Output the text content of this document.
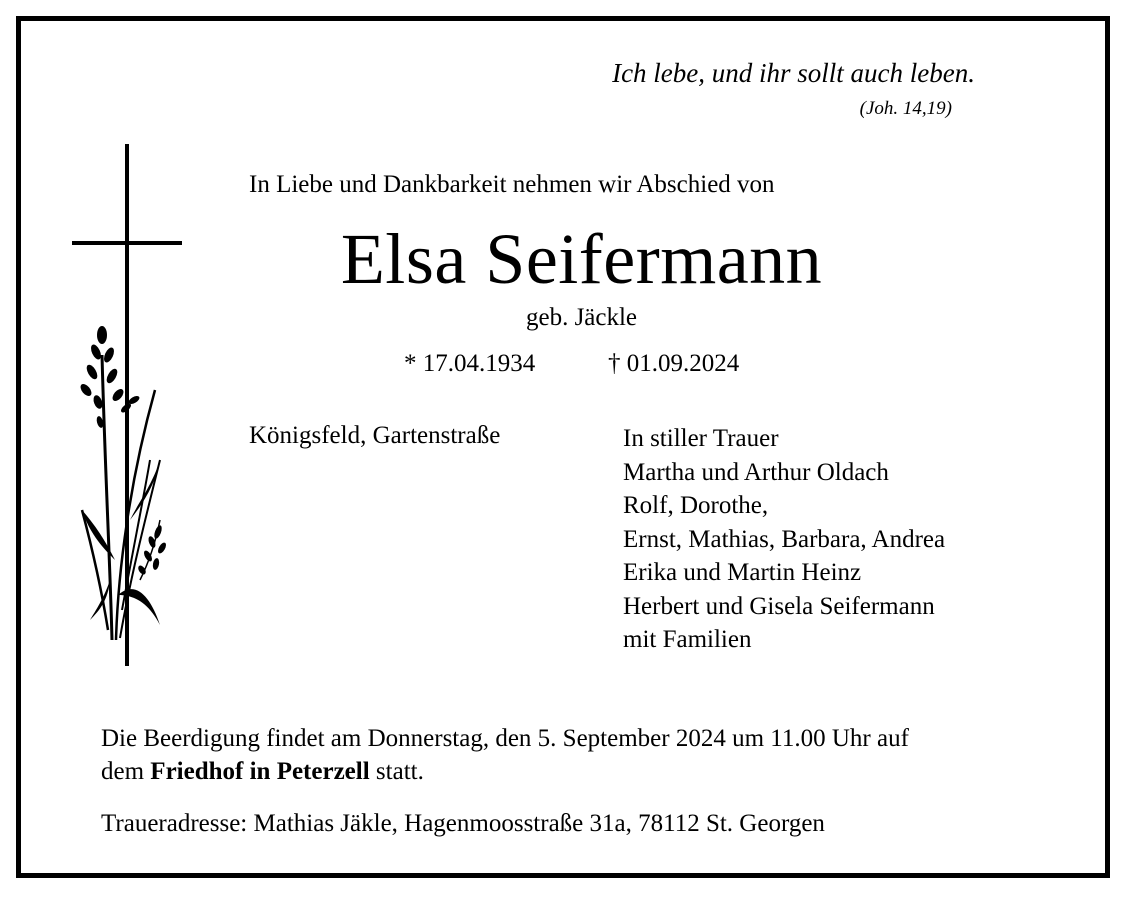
Ich lebe, und ihr sollt auch leben.
(Joh. 14,19)
In Liebe und Dankbarkeit nehmen wir Abschied von
Elsa Seifermann
geb. Jäckle
* 17.04.1934	† 01.09.2024
Königsfeld, Gartenstraße	In stiller Trauer
Martha und Arthur Oldach
Rolf, Dorothe,
Ernst, Mathias, Barbara, Andrea
Erika und Martin Heinz
Herbert und Gisela Seifermann
mit Familien
Die Beerdigung findet am Donnerstag, den 5. September 2024 um 11.00 Uhr auf
dem Friedhof in Peterzell statt.
Traueradresse: Mathias Jäkle, Hagenmoosstraße 31a, 78112 St. Georgen
